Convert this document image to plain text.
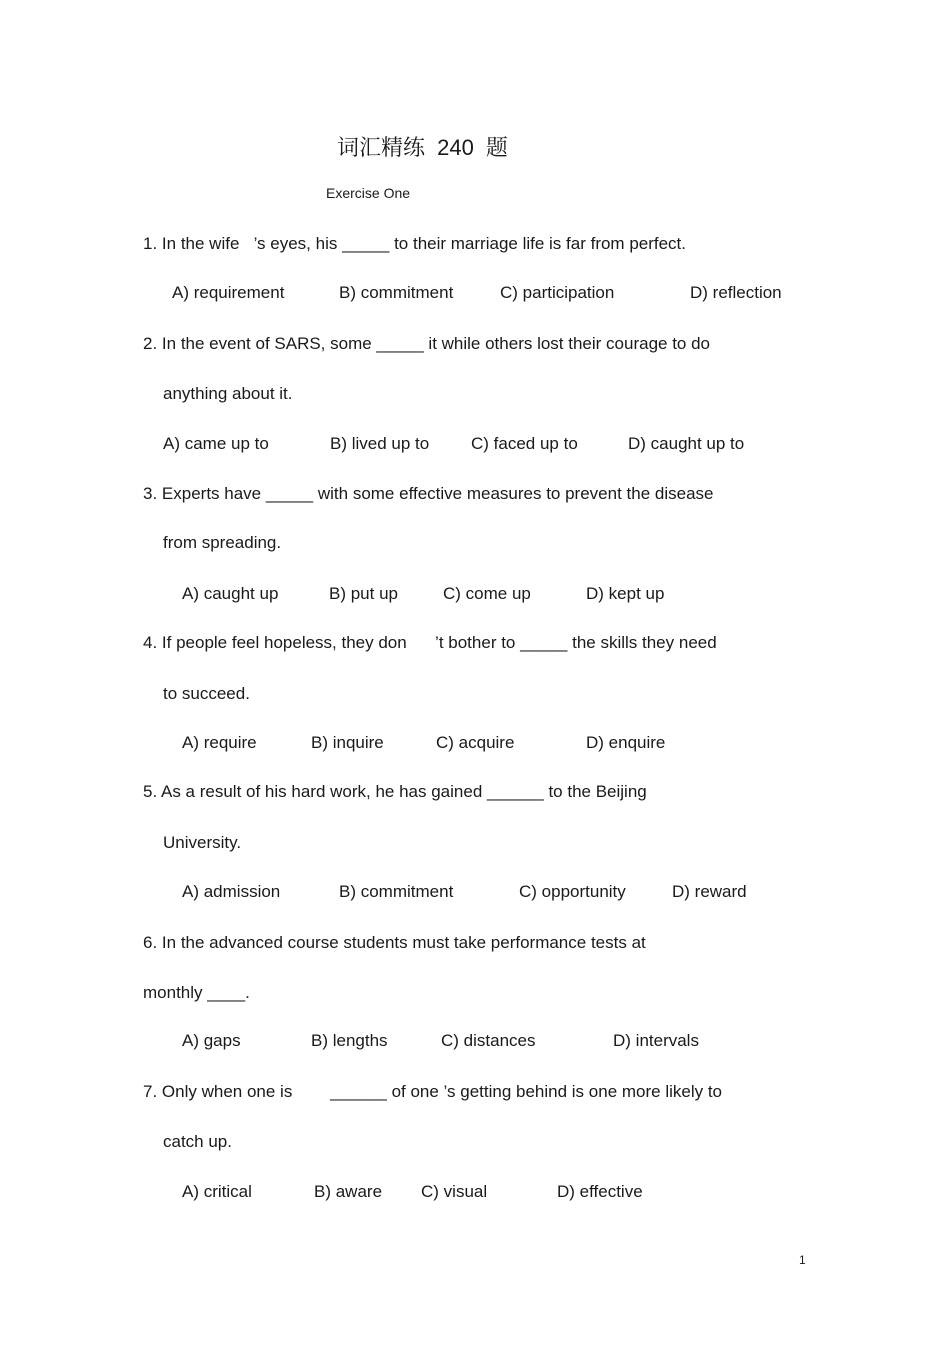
词汇精练 240 题
Exercise One
1. In the wife   ’s eyes, his _____ to their marriage life is far from perfect.
A) requirement	B) commitment	C) participation	D) reflection
2. In the event of SARS, some _____ it while others lost their courage to do
anything about it.
A) came up to	B) lived up to C) faced up to	D) caught up to
3. Experts have _____ with some effective measures to prevent the disease
from spreading.
A) caught up	B) put up	C) come up	D) kept up
4. If people feel hopeless, they don      ’t bother to _____ the skills they need
to succeed.
A) require	B) inquire	C) acquire	D) enquire
5. As a result of his hard work, he has gained ______ to the Beijing
University.
A) admission	B) commitment	C) opportunity	D) reward
6. In the advanced course students must take performance tests at
monthly ____.
A) gaps	B) lengths	C) distances	D) intervals
7. Only when one is        ______ of one ’s getting behind is one more likely to
catch up.
A) critical	B) aware C) visual	D) effective
1
